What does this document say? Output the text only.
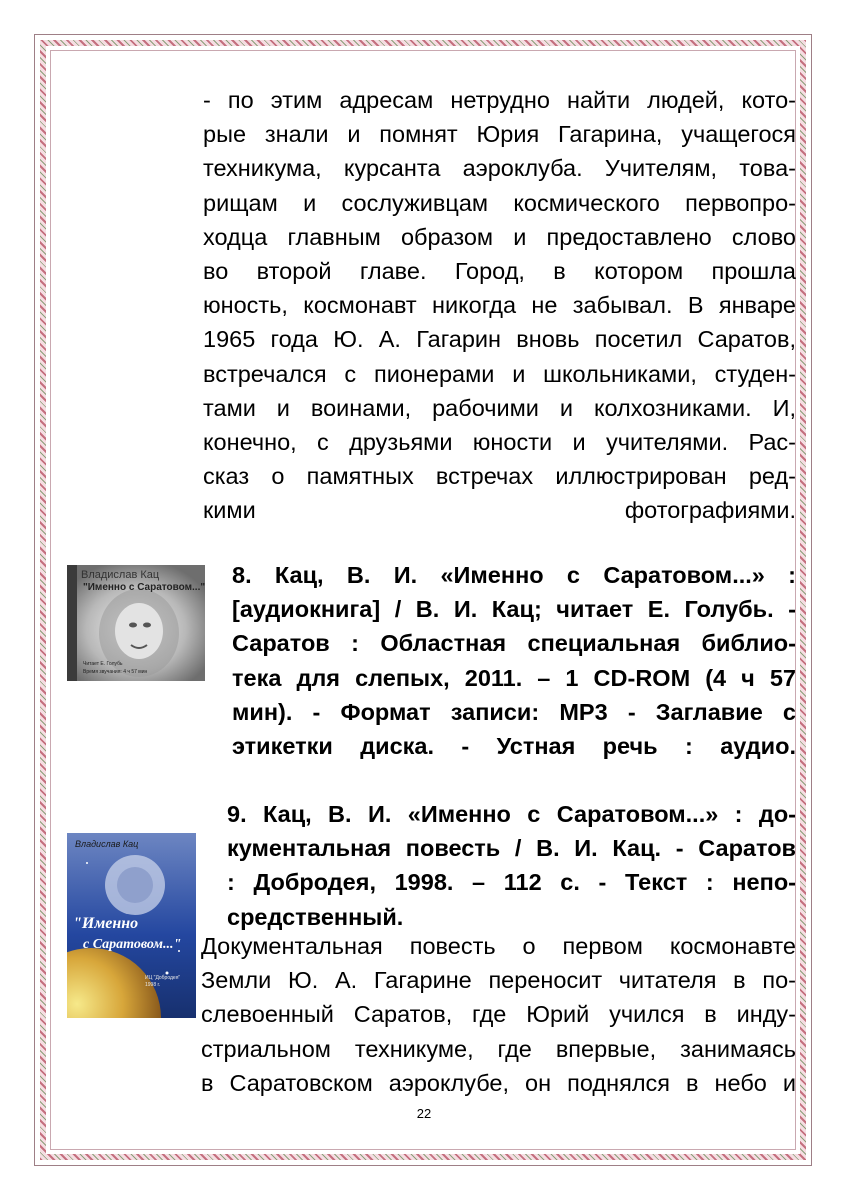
- по этим адресам нетрудно найти людей, кото-
рые знали и помнят Юрия Гагарина, учащегося
техникума, курсанта аэроклуба. Учителям, това-
рищам и сослуживцам космического первопро-
ходца главным образом и предоставлено слово
во второй главе. Город, в котором прошла
юность, космонавт никогда не забывал. В январе
1965 года Ю. А. Гагарин вновь посетил Саратов,
встречался с пионерами и школьниками, студен-
тами и воинами, рабочими и колхозниками. И,
конечно, с друзьями юности и учителями. Рас-
сказ о памятных встречах иллюстрирован ред-
кими фотографиями.
Владислав Кац
"Именно с Саратовом..."
Читает Е. Голубь
Время звучания: 4 ч 57 мин
8. Кац, В. И. «Именно с Саратовом...» :
[аудиокнига] / В. И. Кац; читает Е. Голубь. -
Саратов : Областная специальная библио-
тека для слепых, 2011. – 1 CD-ROM (4 ч 57
мин). - Формат записи: МР3 - Заглавие с
этикетки диска. - Устная речь : аудио.
Владислав Кац
"Именно
с Саратовом..."
ИЦ "Добродея" 1998 г.
9. Кац, В. И. «Именно с Саратовом...» : до-
кументальная повесть / В. И. Кац. - Саратов
: Добродея, 1998. – 112 с. - Текст : непо-
средственный.
Документальная повесть о первом космонавте
Земли Ю. А. Гагарине переносит читателя в по-
слевоенный Саратов, где Юрий учился в инду-
стриальном техникуме, где впервые, занимаясь
в Саратовском аэроклубе, он поднялся в небо и
22
